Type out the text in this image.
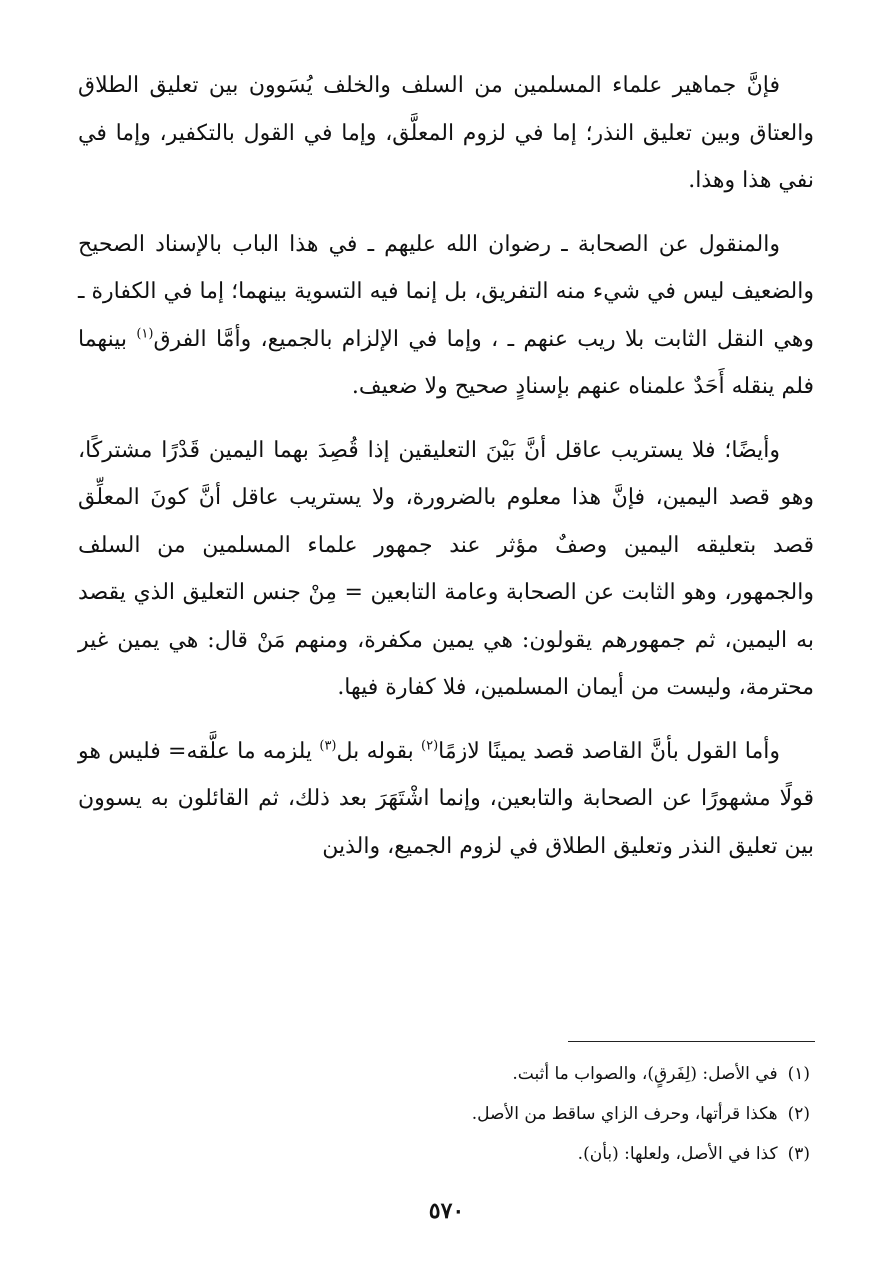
فإنَّ جماهير علماء المسلمين من السلف والخلف يُسَوون بين تعليق الطلاق والعتاق وبين تعليق النذر؛ إما في لزوم المعلَّق، وإما في القول بالتكفير، وإما في نفي هذا وهذا.

والمنقول عن الصحابة ـ رضوان الله عليهم ـ في هذا الباب بالإسناد الصحيح والضعيف ليس في شيء منه التفريق، بل إنما فيه التسوية بينهما؛ إما في الكفارة ـ وهي النقل الثابت بلا ريب عنهم ـ ، وإما في الإلزام بالجميع، وأمَّا الفرق$^{(١)}$ بينهما فلم ينقله أَحَدٌ علمناه عنهم بإسنادٍ صحيح ولا ضعيف.

وأيضًا؛ فلا يستريب عاقل أنَّ بَيْنَ التعليقين إذا قُصِدَ بهما اليمين قَدْرًا مشتركًا، وهو قصد اليمين، فإنَّ هذا معلوم بالضرورة، ولا يستريب عاقل أنَّ كونَ المعلِّق قصد بتعليقه اليمين وصفٌ مؤثر عند جمهور علماء المسلمين من السلف والجمهور، وهو الثابت عن الصحابة وعامة التابعين = مِنْ جنس التعليق الذي يقصد به اليمين، ثم جمهورهم يقولون: هي يمين مكفرة، ومنهم مَنْ قال: هي يمين غير محترمة، وليست من أيمان المسلمين، فلا كفارة فيها.

وأما القول بأنَّ القاصد قصد يمينًا لازمًا$^{(٢)}$ بقوله بل$^{(٣)}$ يلزمه ما علَّقه= فليس هو قولًا مشهورًا عن الصحابة والتابعين، وإنما اشْتَهَرَ بعد ذلك، ثم القائلون به يسوون بين تعليق النذر وتعليق الطلاق في لزوم الجميع، والذين

(١)في الأصل: (لِفَرقٍ)، والصواب ما أثبت.
(٢)هكذا قرأتها، وحرف الزاي ساقط من الأصل.
(٣)كذا في الأصل، ولعلها: (بأن).
٥٧٠
